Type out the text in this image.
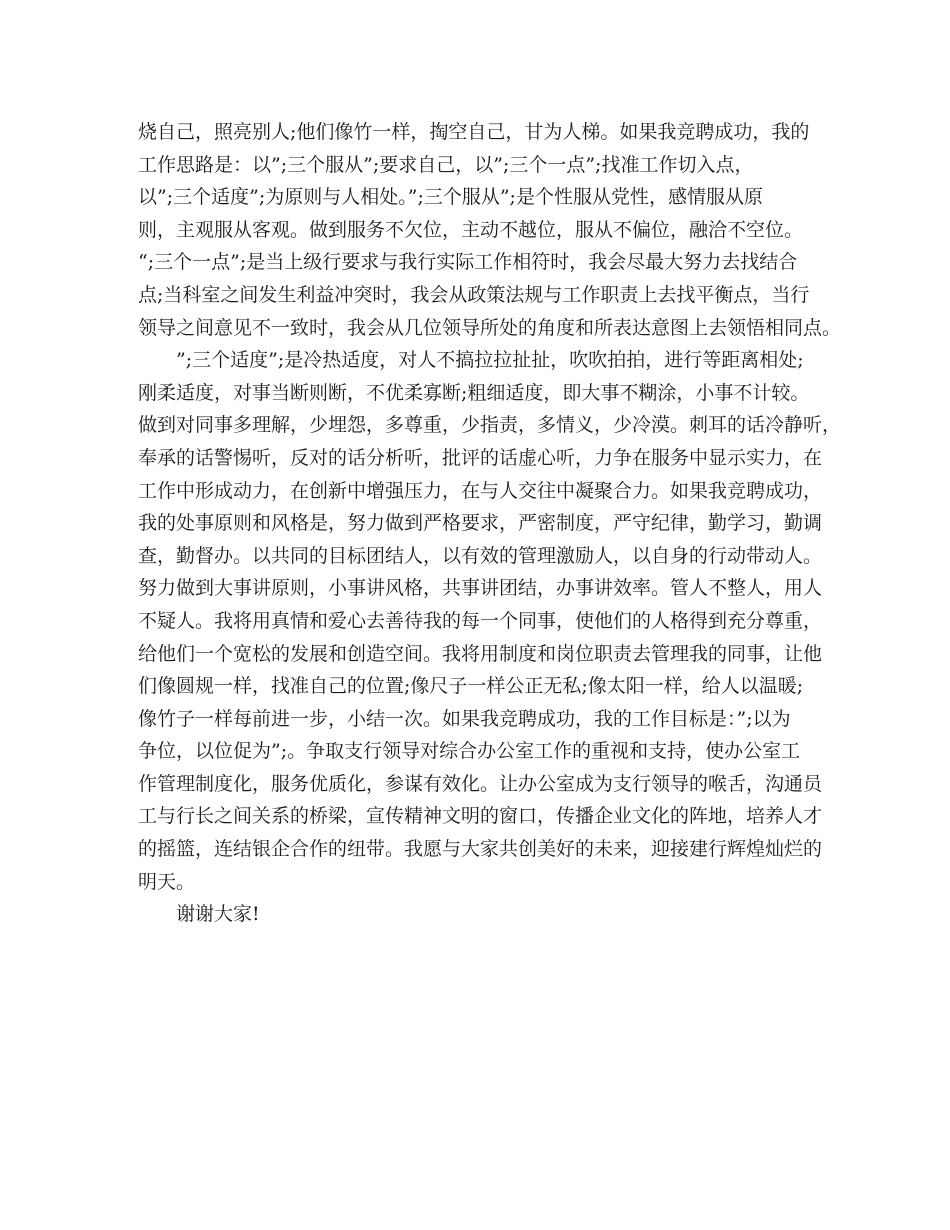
烧自己，照亮别人;他们像竹一样，掏空自己，甘为人梯。如果我竞聘成功，我的
工作思路是：以”;三个服从”;要求自己，以”;三个一点”;找准工作切入点，
以”;三个适度”;为原则与人相处。”;三个服从”;是个性服从党性，感情服从原
则，主观服从客观。做到服务不欠位，主动不越位，服从不偏位，融洽不空位。
“;三个一点”;是当上级行要求与我行实际工作相符时，我会尽最大努力去找结合
点;当科室之间发生利益冲突时，我会从政策法规与工作职责上去找平衡点，当行
领导之间意见不一致时，我会从几位领导所处的角度和所表达意图上去领悟相同点。
”;三个适度”;是冷热适度，对人不搞拉拉扯扯，吹吹拍拍，进行等距离相处;
刚柔适度，对事当断则断，不优柔寡断;粗细适度，即大事不糊涂，小事不计较。
做到对同事多理解，少埋怨，多尊重，少指责，多情义，少冷漠。刺耳的话冷静听，
奉承的话警惕听，反对的话分析听，批评的话虚心听，力争在服务中显示实力，在
工作中形成动力，在创新中增强压力，在与人交往中凝聚合力。如果我竞聘成功，
我的处事原则和风格是，努力做到严格要求，严密制度，严守纪律，勤学习，勤调
查，勤督办。以共同的目标团结人，以有效的管理激励人，以自身的行动带动人。
努力做到大事讲原则，小事讲风格，共事讲团结，办事讲效率。管人不整人，用人
不疑人。我将用真情和爱心去善待我的每一个同事，使他们的人格得到充分尊重，
给他们一个宽松的发展和创造空间。我将用制度和岗位职责去管理我的同事，让他
们像圆规一样，找准自己的位置;像尺子一样公正无私;像太阳一样，给人以温暖;
像竹子一样每前进一步，小结一次。如果我竞聘成功，我的工作目标是：”;以为
争位，以位促为”;。争取支行领导对综合办公室工作的重视和支持，使办公室工
作管理制度化，服务优质化，参谋有效化。让办公室成为支行领导的喉舌，沟通员
工与行长之间关系的桥梁，宣传精神文明的窗口，传播企业文化的阵地，培养人才
的摇篮，连结银企合作的纽带。我愿与大家共创美好的未来，迎接建行辉煌灿烂的
明天。
谢谢大家!
